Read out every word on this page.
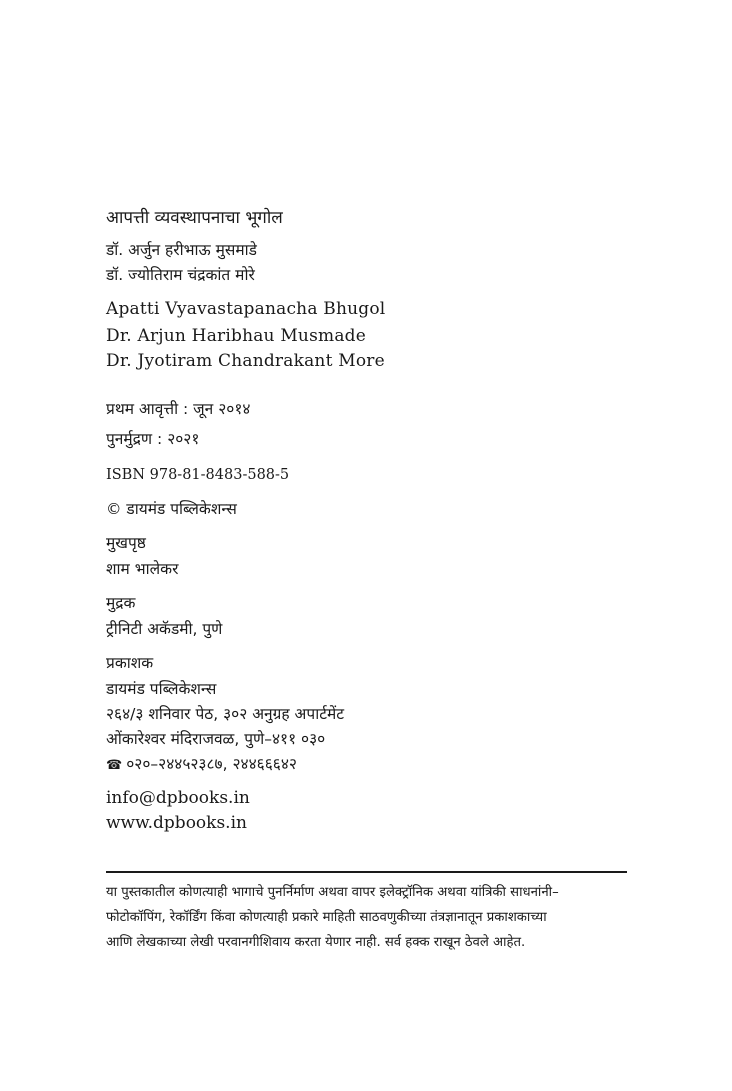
आपत्ती व्यवस्थापनाचा भूगोल
डॉ. अर्जुन हरीभाऊ मुसमाडे
डॉ. ज्योतिराम चंद्रकांत मोरे
Apatti Vyavastapanacha Bhugol
Dr. Arjun Haribhau Musmade
Dr. Jyotiram Chandrakant More
प्रथम आवृत्ती : जून २०१४
पुनर्मुद्रण : २०२१
ISBN 978-81-8483-588-5
© डायमंड पब्लिकेशन्स
मुखपृष्ठ
शाम भालेकर
मुद्रक
ट्रीनिटी अकॅडमी, पुणे
प्रकाशक
डायमंड पब्लिकेशन्स
२६४/३ शनिवार पेठ, ३०२ अनुग्रह अपार्टमेंट
ओंकारेश्वर मंदिराजवळ, पुणे–४११ ०३०
☎ ०२०–२४४५२३८७, २४४६६६४२
info@dpbooks.in
www.dpbooks.in
या पुस्तकातील कोणत्याही भागाचे पुनर्निर्माण अथवा वापर इलेक्ट्रॉनिक अथवा यांत्रिकी साधनांनी–
फोटोकॉपिंग, रेकॉर्डिंग किंवा कोणत्याही प्रकारे माहिती साठवणुकीच्या तंत्रज्ञानातून प्रकाशकाच्या
आणि लेखकाच्या लेखी परवानगीशिवाय करता येणार नाही. सर्व हक्क राखून ठेवले आहेत.
